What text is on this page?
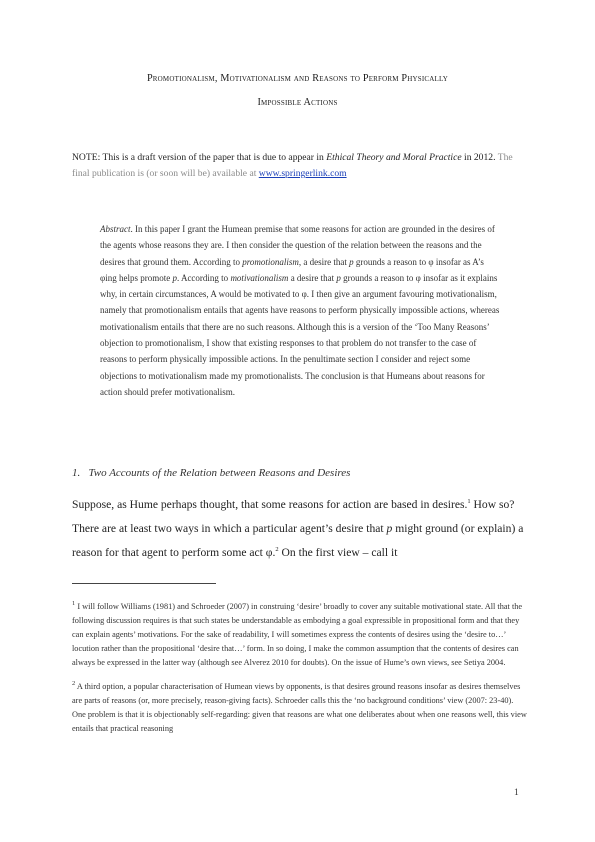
Promotionalism, Motivationalism and Reasons to Perform Physically
Impossible Actions
NOTE: This is a draft version of the paper that is due to appear in Ethical Theory and Moral Practice in 2012. The final publication is (or soon will be) available at www.springerlink.com

Abstract. In this paper I grant the Humean premise that some reasons for action are grounded in the desires of the agents whose reasons they are. I then consider the question of the relation between the reasons and the desires that ground them. According to promotionalism, a desire that p grounds a reason to φ insofar as A’s φing helps promote p. According to motivationalism a desire that p grounds a reason to φ insofar as it explains why, in certain circumstances, A would be motivated to φ. I then give an argument favouring motivationalism, namely that promotionalism entails that agents have reasons to perform physically impossible actions, whereas motivationalism entails that there are no such reasons. Although this is a version of the ‘Too Many Reasons’ objection to promotionalism, I show that existing responses to that problem do not transfer to the case of reasons to perform physically impossible actions. In the penultimate section I consider and reject some objections to motivationalism made my promotionalists. The conclusion is that Humeans about reasons for action should prefer motivationalism.

1. Two Accounts of the Relation between Reasons and Desires

Suppose, as Hume perhaps thought, that some reasons for action are based in desires.$^1$ How so? There are at least two ways in which a particular agent’s desire that p might ground (or explain) a reason for that agent to perform some act φ.$^2$ On the first view – call it

$^1$ I will follow Williams (1981) and Schroeder (2007) in construing ‘desire’ broadly to cover any suitable motivational state. All that the following discussion requires is that such states be understandable as embodying a goal expressible in propositional form and that they can explain agents’ motivations. For the sake of readability, I will sometimes express the contents of desires using the ‘desire to…’ locution rather than the propositional ‘desire that…’ form. In so doing, I make the common assumption that the contents of desires can always be expressed in the latter way (although see Alverez 2010 for doubts). On the issue of Hume’s own views, see Setiya 2004.

$^2$ A third option, a popular characterisation of Humean views by opponents, is that desires ground reasons insofar as desires themselves are parts of reasons (or, more precisely, reason-giving facts). Schroeder calls this the ‘no background conditions’ view (2007: 23-40). One problem is that it is objectionably self-regarding: given that reasons are what one deliberates about when one reasons well, this view entails that practical reasoning

1
